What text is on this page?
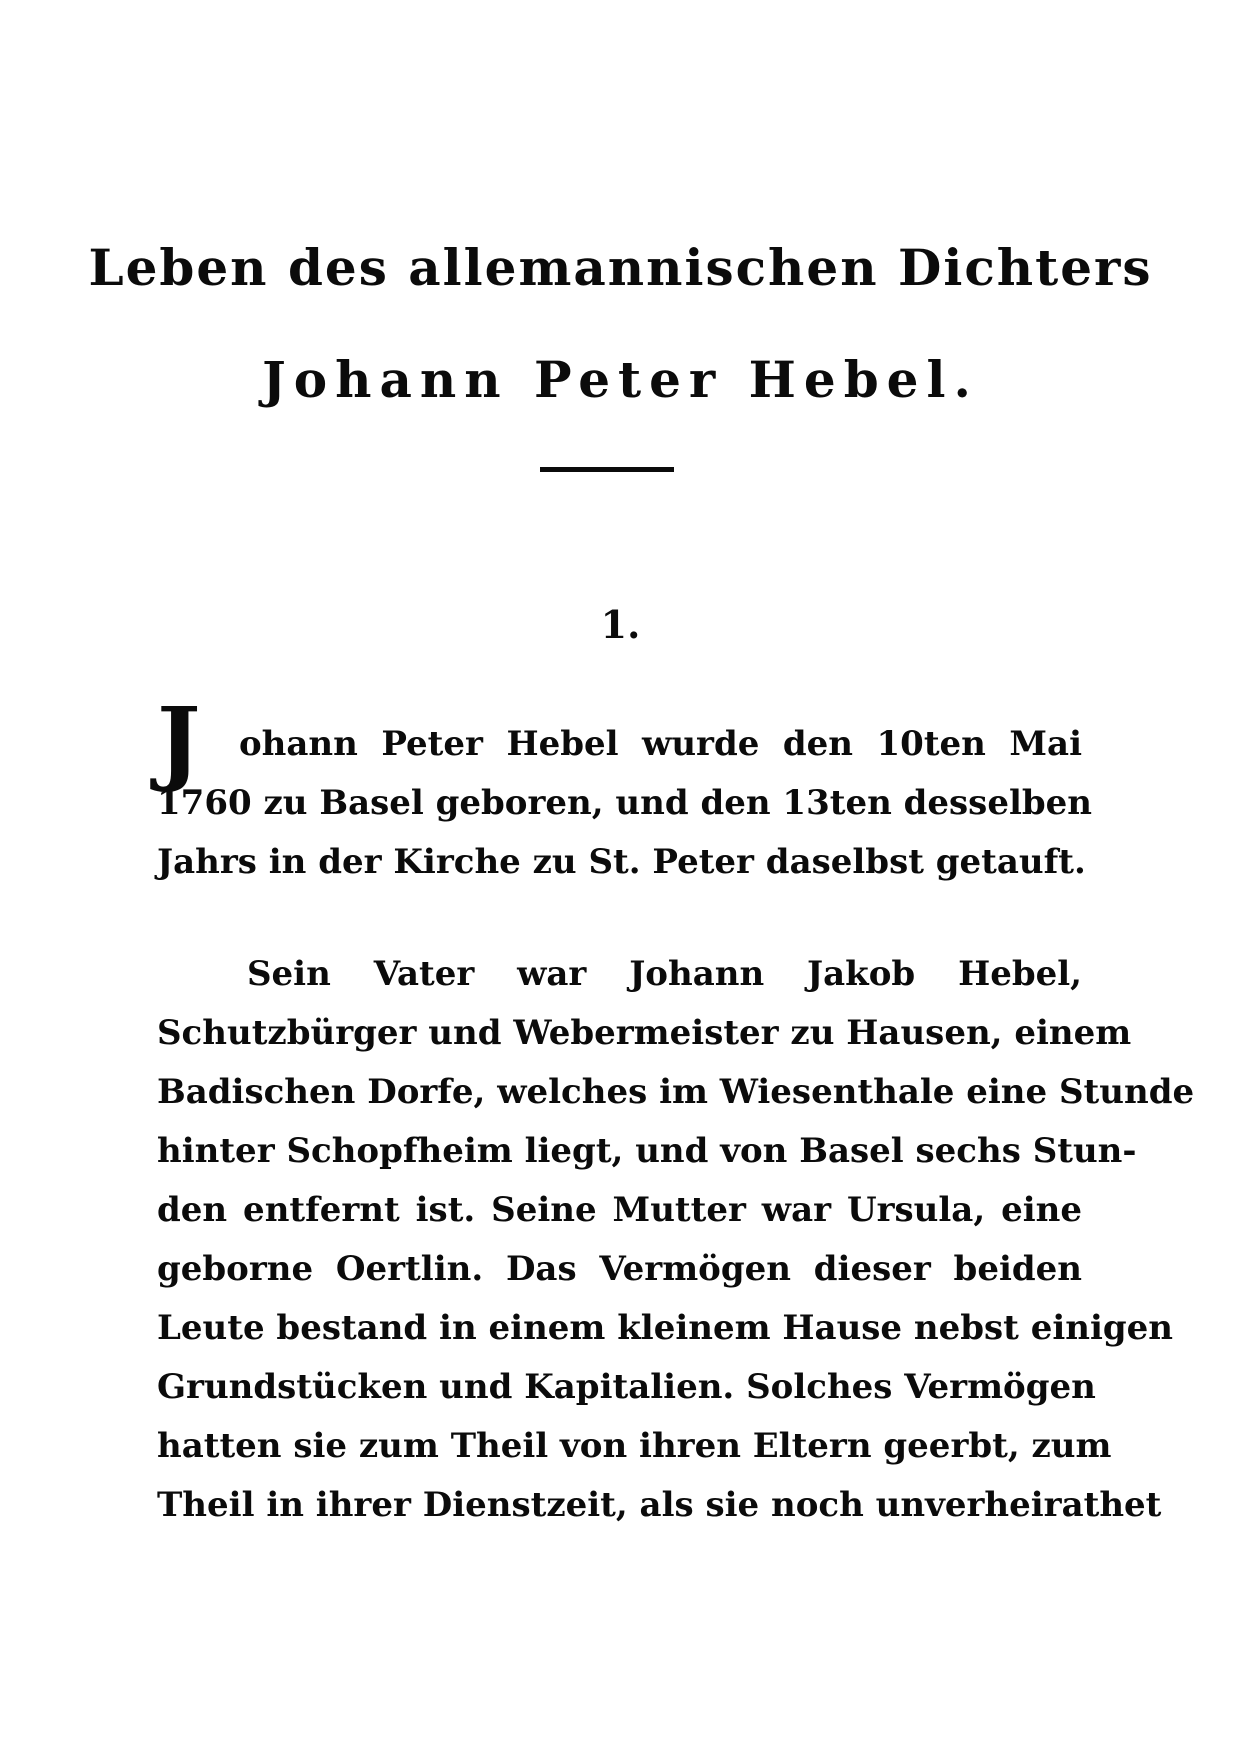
Leben des allemannischen Dichters
Johann Peter Hebel.
1.
J	ohann Peter Hebel wurde den 10ten Mai
1760 zu Basel geboren, und den 13ten desselben
Jahrs in der Kirche zu St. Peter daselbst getauft.
Sein Vater war Johann Jakob Hebel,
Schutzbürger und Webermeister zu Hausen, einem
Badischen Dorfe, welches im Wiesenthale eine Stunde
hinter Schopfheim liegt, und von Basel sechs Stun-
den entfernt ist. Seine Mutter war Ursula, eine
geborne Oertlin. Das Vermögen dieser beiden
Leute bestand in einem kleinem Hause nebst einigen
Grundstücken und Kapitalien. Solches Vermögen
hatten sie zum Theil von ihren Eltern geerbt, zum
Theil in ihrer Dienstzeit, als sie noch unverheirathet
